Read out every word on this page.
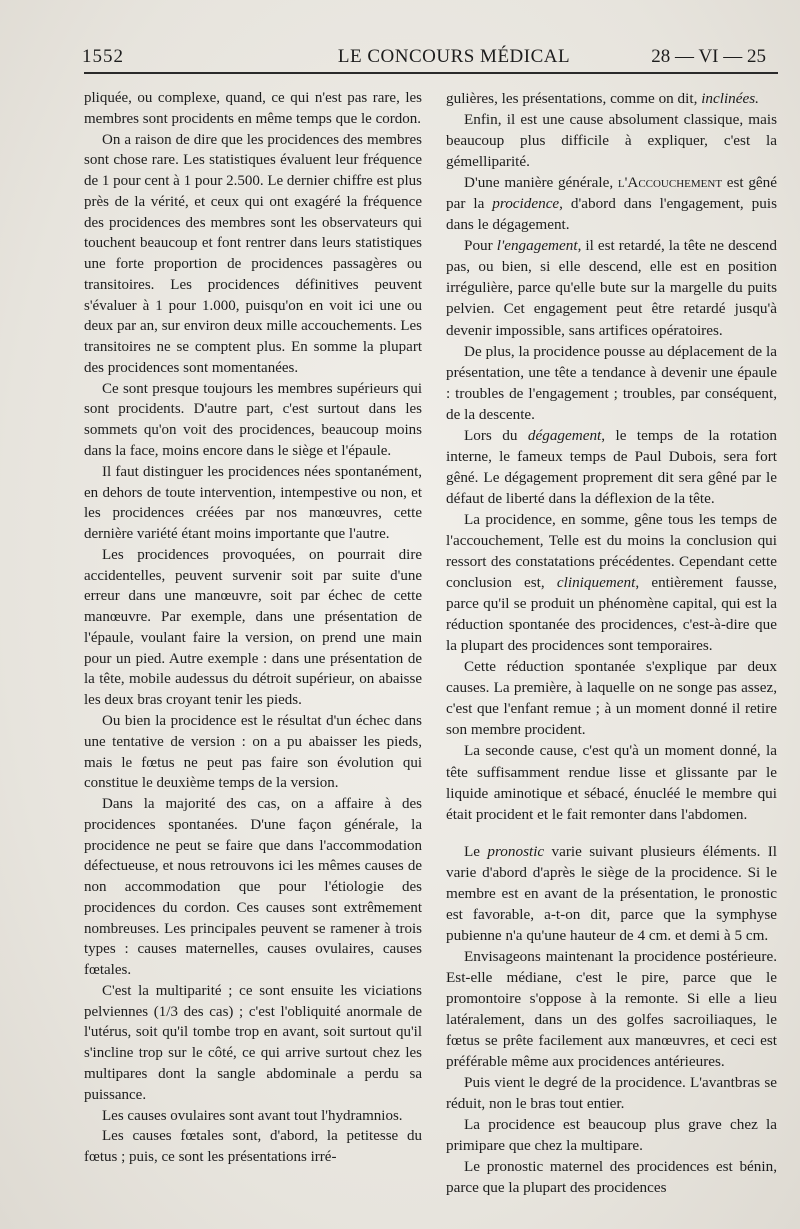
1552	LE CONCOURS MÉDICAL	28 — VI — 25

pliquée, ou complexe, quand, ce qui n'est pas rare, les membres sont procidents en même temps que le cordon.

On a raison de dire que les procidences des membres sont chose rare. Les statistiques évaluent leur fréquence de 1 pour cent à 1 pour 2.500. Le dernier chiffre est plus près de la vérité, et ceux qui ont exagéré la fréquence des procidences des membres sont les observateurs qui touchent beaucoup et font rentrer dans leurs statistiques une forte proportion de procidences passagères ou transitoires. Les procidences définitives peuvent s'évaluer à 1 pour 1.000, puisqu'on en voit ici une ou deux par an, sur environ deux mille accouchements. Les transitoires ne se comptent plus. En somme la plupart des procidences sont momentanées.

Ce sont presque toujours les membres supérieurs qui sont procidents. D'autre part, c'est surtout dans les sommets qu'on voit des procidences, beaucoup moins dans la face, moins encore dans le siège et l'épaule.

Il faut distinguer les procidences nées spontanément, en dehors de toute intervention, intempestive ou non, et les procidences créées par nos manœuvres, cette dernière variété étant moins importante que l'autre.

Les procidences provoquées, on pourrait dire accidentelles, peuvent survenir soit par suite d'une erreur dans une manœuvre, soit par échec de cette manœuvre. Par exemple, dans une présentation de l'épaule, voulant faire la version, on prend une main pour un pied. Autre exemple : dans une présentation de la tête, mobile audessus du détroit supérieur, on abaisse les deux bras croyant tenir les pieds.

Ou bien la procidence est le résultat d'un échec dans une tentative de version : on a pu abaisser les pieds, mais le fœtus ne peut pas faire son évolution qui constitue le deuxième temps de la version.

Dans la majorité des cas, on a affaire à des procidences spontanées. D'une façon générale, la procidence ne peut se faire que dans l'accommodation défectueuse, et nous retrouvons ici les mêmes causes de non accommodation que pour l'étiologie des procidences du cordon. Ces causes sont extrêmement nombreuses. Les principales peuvent se ramener à trois types : causes maternelles, causes ovulaires, causes fœtales.

C'est la multiparité ; ce sont ensuite les viciations pelviennes (1/3 des cas) ; c'est l'obliquité anormale de l'utérus, soit qu'il tombe trop en avant, soit surtout qu'il s'incline trop sur le côté, ce qui arrive surtout chez les multipares dont la sangle abdominale a perdu sa puissance.

Les causes ovulaires sont avant tout l'hydramnios.

Les causes fœtales sont, d'abord, la petitesse du fœtus ; puis, ce sont les présentations irré-

gulières, les présentations, comme on dit, inclinées.

Enfin, il est une cause absolument classique, mais beaucoup plus difficile à expliquer, c'est la gémelliparité.

D'une manière générale, l'Accouchement est gêné par la procidence, d'abord dans l'engagement, puis dans le dégagement.

Pour l'engagement, il est retardé, la tête ne descend pas, ou bien, si elle descend, elle est en position irrégulière, parce qu'elle bute sur la margelle du puits pelvien. Cet engagement peut être retardé jusqu'à devenir impossible, sans artifices opératoires.

De plus, la procidence pousse au déplacement de la présentation, une tête a tendance à devenir une épaule : troubles de l'engagement ; troubles, par conséquent, de la descente.

Lors du dégagement, le temps de la rotation interne, le fameux temps de Paul Dubois, sera fort gêné. Le dégagement proprement dit sera gêné par le défaut de liberté dans la déflexion de la tête.

La procidence, en somme, gêne tous les temps de l'accouchement, Telle est du moins la conclusion qui ressort des constatations précédentes. Cependant cette conclusion est, cliniquement, entièrement fausse, parce qu'il se produit un phénomène capital, qui est la réduction spontanée des procidences, c'est-à-dire que la plupart des procidences sont temporaires.

Cette réduction spontanée s'explique par deux causes. La première, à laquelle on ne songe pas assez, c'est que l'enfant remue ; à un moment donné il retire son membre procident.

La seconde cause, c'est qu'à un moment donné, la tête suffisamment rendue lisse et glissante par le liquide aminotique et sébacé, énucléé le membre qui était procident et le fait remonter dans l'abdomen.

Le pronostic varie suivant plusieurs éléments. Il varie d'abord d'après le siège de la procidence. Si le membre est en avant de la présentation, le pronostic est favorable, a-t-on dit, parce que la symphyse pubienne n'a qu'une hauteur de 4 cm. et demi à 5 cm.

Envisageons maintenant la procidence postérieure. Est-elle médiane, c'est le pire, parce que le promontoire s'oppose à la remonte. Si elle a lieu latéralement, dans un des golfes sacroiliaques, le fœtus se prête facilement aux manœuvres, et ceci est préférable même aux procidences antérieures.

Puis vient le degré de la procidence. L'avantbras se réduit, non le bras tout entier.

La procidence est beaucoup plus grave chez la primipare que chez la multipare.

Le pronostic maternel des procidences est bénin, parce que la plupart des procidences
